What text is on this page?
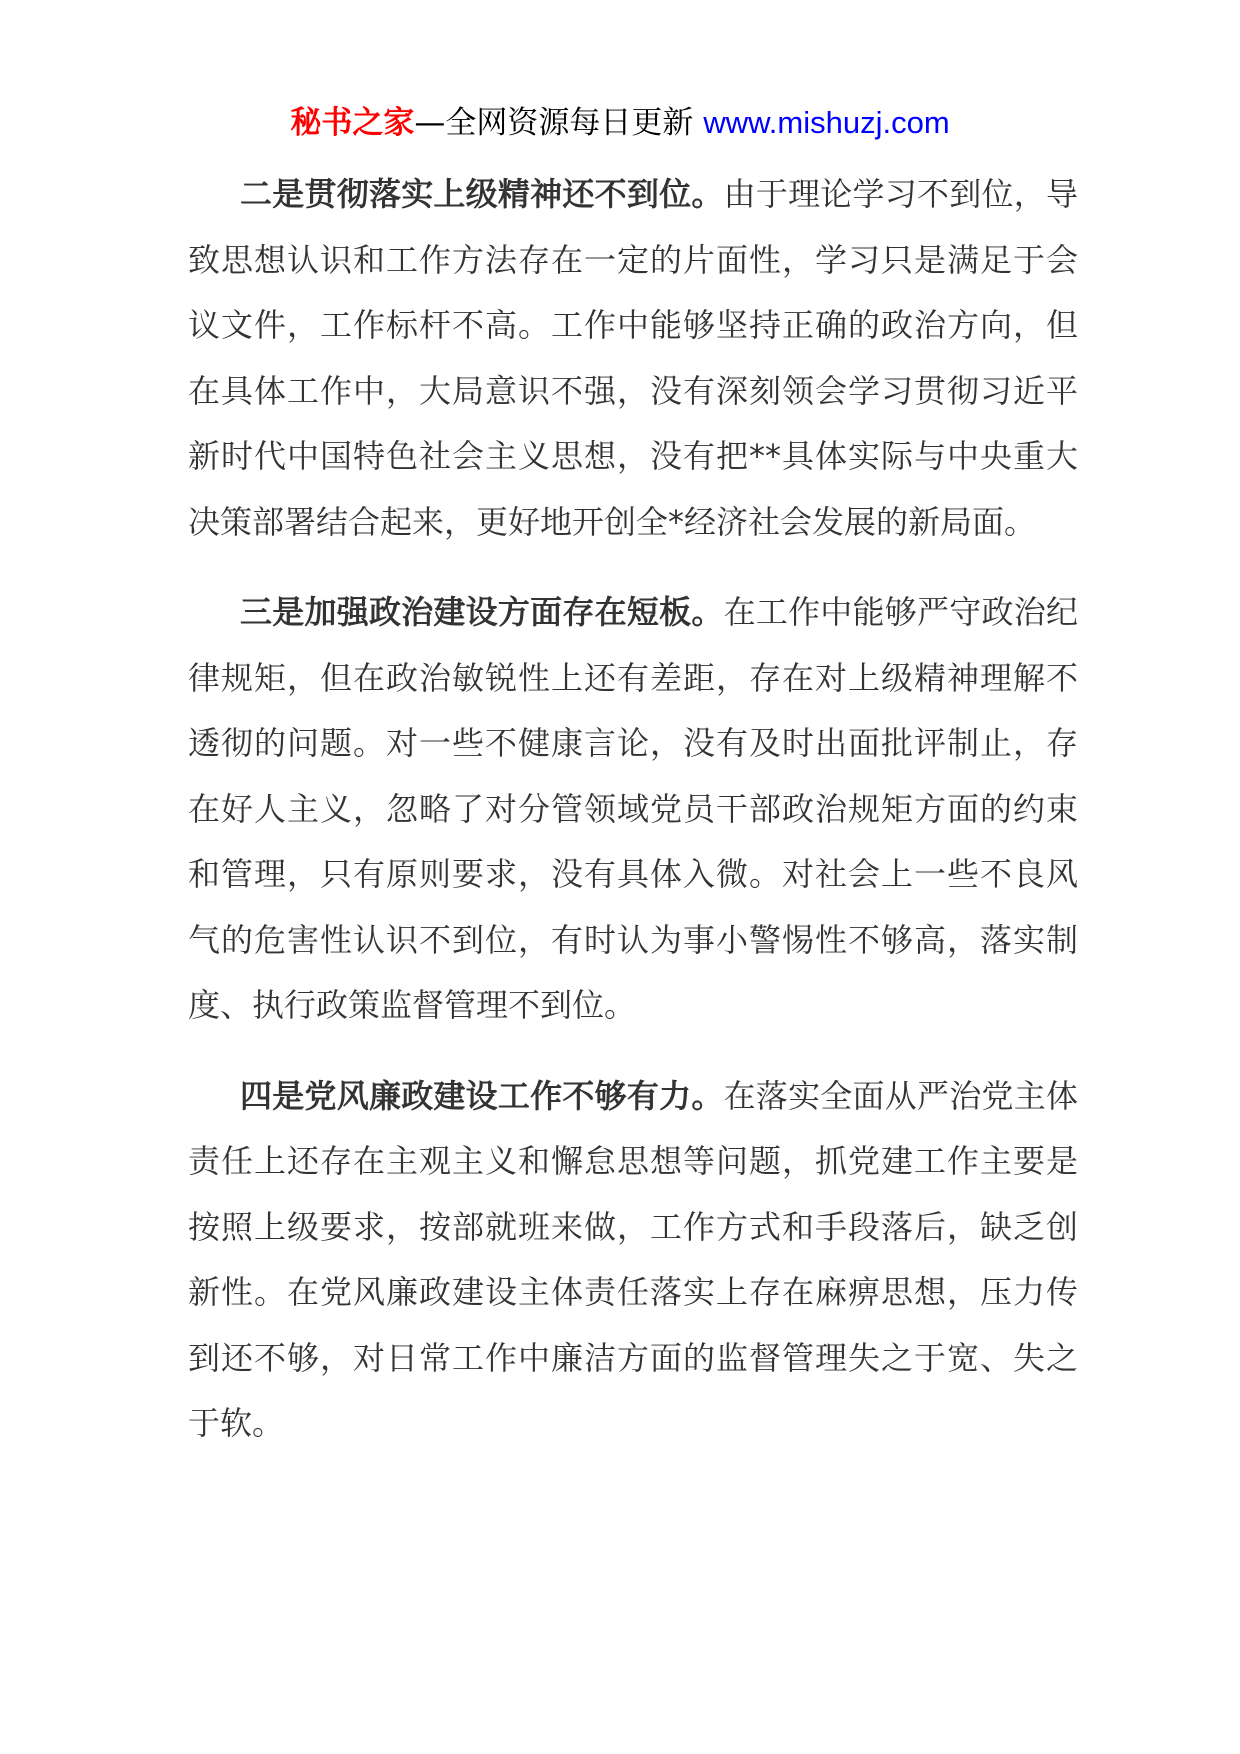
秘书之家—全网资源每日更新 www.mishuzj.com

二是贯彻落实上级精神还不到位。由于理论学习不到位，导致思想认识和工作方法存在一定的片面性，学习只是满足于会议文件，工作标杆不高。工作中能够坚持正确的政治方向，但在具体工作中，大局意识不强，没有深刻领会学习贯彻习近平新时代中国特色社会主义思想，没有把**具体实际与中央重大决策部署结合起来，更好地开创全*经济社会发展的新局面。

三是加强政治建设方面存在短板。在工作中能够严守政治纪律规矩，但在政治敏锐性上还有差距，存在对上级精神理解不透彻的问题。对一些不健康言论，没有及时出面批评制止，存在好人主义，忽略了对分管领域党员干部政治规矩方面的约束和管理，只有原则要求，没有具体入微。对社会上一些不良风气的危害性认识不到位，有时认为事小警惕性不够高，落实制度、执行政策监督管理不到位。

四是党风廉政建设工作不够有力。在落实全面从严治党主体责任上还存在主观主义和懈怠思想等问题，抓党建工作主要是按照上级要求，按部就班来做，工作方式和手段落后，缺乏创新性。在党风廉政建设主体责任落实上存在麻痹思想，压力传到还不够，对日常工作中廉洁方面的监督管理失之于宽、失之于软。
